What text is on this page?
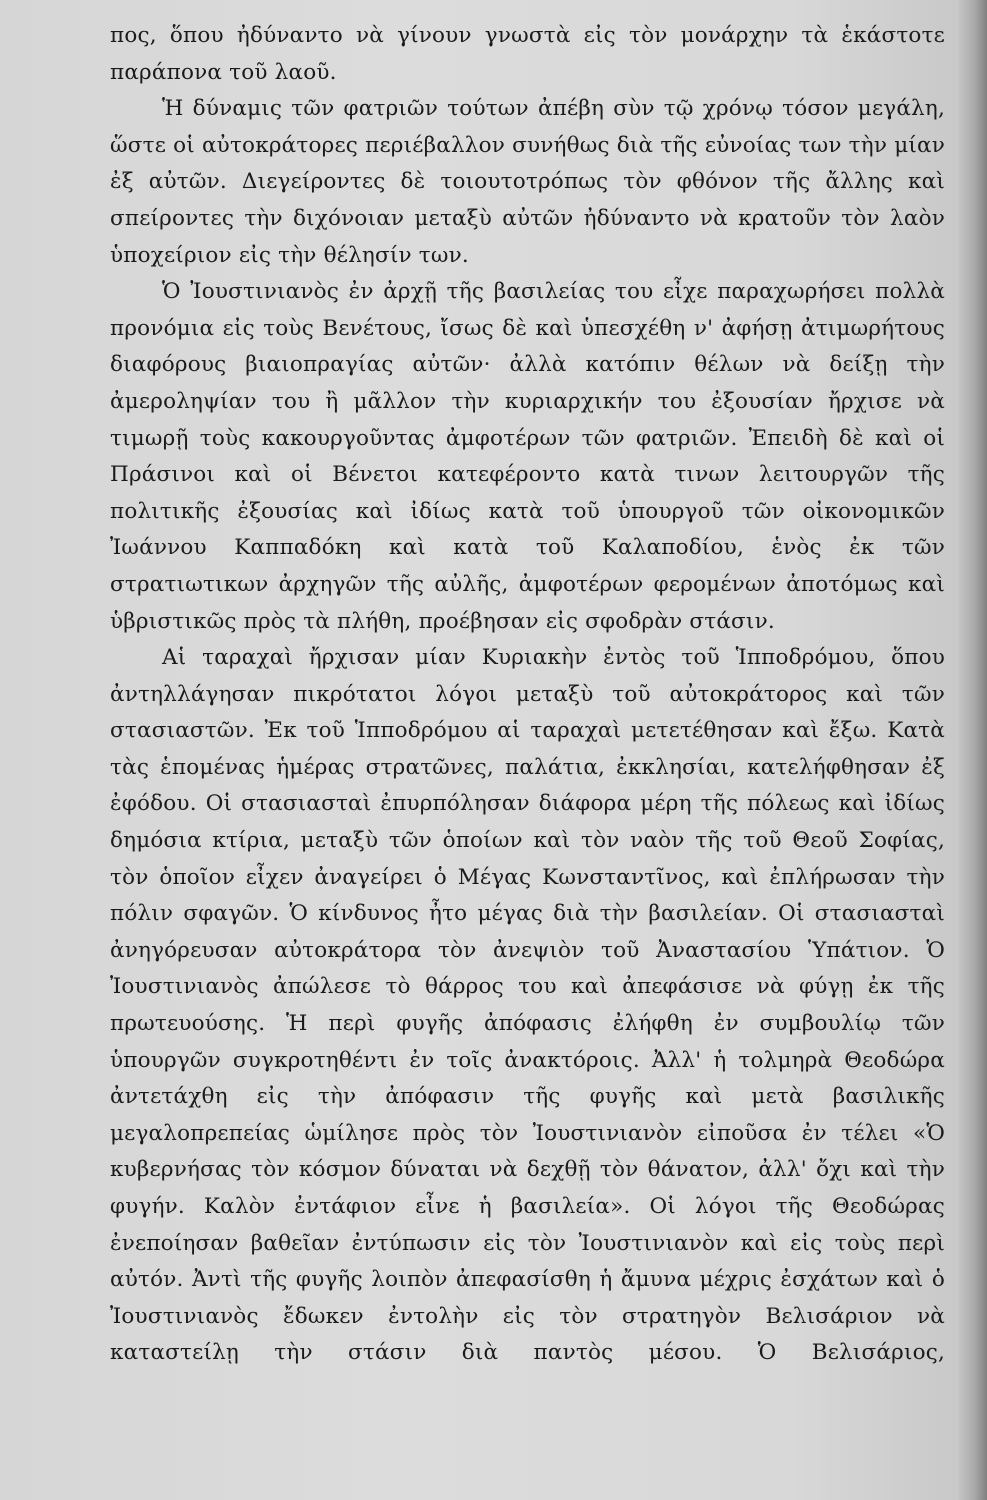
πος, ὅπου ἠδύναντο νὰ γίνουν γνωστὰ εἰς τὸν μονάρχην τὰ ἑκάστοτε παράπονα τοῦ λαοῦ.

Ἡ δύναμις τῶν φατριῶν τούτων ἀπέβη σὺν τῷ χρόνῳ τόσον μεγάλη, ὥστε οἱ αὐτοκράτορες περιέβαλλον συνήθως διὰ τῆς εὐνοίας των τὴν μίαν ἐξ αὐτῶν. Διεγείροντες δὲ τοιουτοτρόπως τὸν φθόνον τῆς ἄλλης καὶ σπείροντες τὴν διχόνοιαν μεταξὺ αὐτῶν ἠδύναντο νὰ κρατοῦν τὸν λαὸν ὑποχείριον εἰς τὴν θέλησίν των.

Ὁ Ἰουστινιανὸς ἐν ἀρχῇ τῆς βασιλείας του εἶχε παραχωρήσει πολλὰ προνόμια εἰς τοὺς Βενέτους, ἴσως δὲ καὶ ὑπεσχέθη ν' ἀφήσῃ ἀτιμωρήτους διαφόρους βιαιοπραγίας αὐτῶν· ἀλλὰ κατόπιν θέλων νὰ δείξῃ τὴν ἀμεροληψίαν του ἢ μᾶλλον τὴν κυριαρχικήν του ἐξουσίαν ἤρχισε νὰ τιμωρῇ τοὺς κακουργοῦντας ἀμφοτέρων τῶν φατριῶν. Ἐπειδὴ δὲ καὶ οἱ Πράσινοι καὶ οἱ Βένετοι κατεφέροντο κατὰ τινων λειτουργῶν τῆς πολιτικῆς ἐξουσίας καὶ ἰδίως κατὰ τοῦ ὑπουργοῦ τῶν οἰκονομικῶν Ἰωάννου Καππαδόκη καὶ κατὰ τοῦ Καλαποδίου, ἑνὸς ἐκ τῶν στρατιωτικων ἀρχηγῶν τῆς αὐλῆς, ἀμφοτέρων φερομένων ἀποτόμως καὶ ὑβριστικῶς πρὸς τὰ πλήθη, προέβησαν εἰς σφοδρὰν στάσιν.

Αἱ ταραχαὶ ἤρχισαν μίαν Κυριακὴν ἐντὸς τοῦ Ἱπποδρόμου, ὅπου ἀντηλλάγησαν πικρότατοι λόγοι μεταξὺ τοῦ αὐτοκράτορος καὶ τῶν στασιαστῶν. Ἐκ τοῦ Ἱπποδρόμου αἱ ταραχαὶ μετετέθησαν καὶ ἔξω. Κατὰ τὰς ἑπομένας ἡμέρας στρατῶνες, παλάτια, ἐκκλησίαι, κατελήφθησαν ἐξ ἐφόδου. Οἱ στασιασταὶ ἐπυρπόλησαν διάφορα μέρη τῆς πόλεως καὶ ἰδίως δημόσια κτίρια, μεταξὺ τῶν ὁποίων καὶ τὸν ναὸν τῆς τοῦ Θεοῦ Σοφίας, τὸν ὁποῖον εἶχεν ἀναγείρει ὁ Μέγας Κωνσταντῖνος, καὶ ἐπλήρωσαν τὴν πόλιν σφαγῶν. Ὁ κίνδυνος ἦτο μέγας διὰ τὴν βασιλείαν. Οἱ στασιασταὶ ἀνηγόρευσαν αὐτοκράτορα τὸν ἀνεψιὸν τοῦ Ἀναστασίου Ὑπάτιον. Ὁ Ἰουστινιανὸς ἀπώλεσε τὸ θάρρος του καὶ ἀπεφάσισε νὰ φύγῃ ἐκ τῆς πρωτευούσης. Ἡ περὶ φυγῆς ἀπόφασις ἐλήφθη ἐν συμβουλίῳ τῶν ὑπουργῶν συγκροτηθέντι ἐν τοῖς ἀνακτόροις. Ἀλλ' ἡ τολμηρὰ Θεοδώρα ἀντετάχθη εἰς τὴν ἀπόφασιν τῆς φυγῆς καὶ μετὰ βασιλικῆς μεγαλοπρεπείας ὡμίλησε πρὸς τὸν Ἰουστινιανὸν εἰποῦσα ἐν τέλει «Ὁ κυβερνήσας τὸν κόσμον δύναται νὰ δεχθῇ τὸν θάνατον, ἀλλ' ὄχι καὶ τὴν φυγήν. Καλὸν ἐντάφιον εἶνε ἡ βασιλεία». Οἱ λόγοι τῆς Θεοδώρας ἐνεποίησαν βαθεῖαν ἐντύπωσιν εἰς τὸν Ἰουστινιανὸν καὶ εἰς τοὺς περὶ αὐτόν. Ἀντὶ τῆς φυγῆς λοιπὸν ἀπεφασίσθη ἡ ἄμυνα μέχρις ἐσχάτων καὶ ὁ Ἰουστινιανὸς ἔδωκεν ἐντολὴν εἰς τὸν στρατηγὸν Βελισάριον νὰ καταστείλῃ τὴν στάσιν διὰ παντὸς μέσου. Ὁ Βελισάριος,
